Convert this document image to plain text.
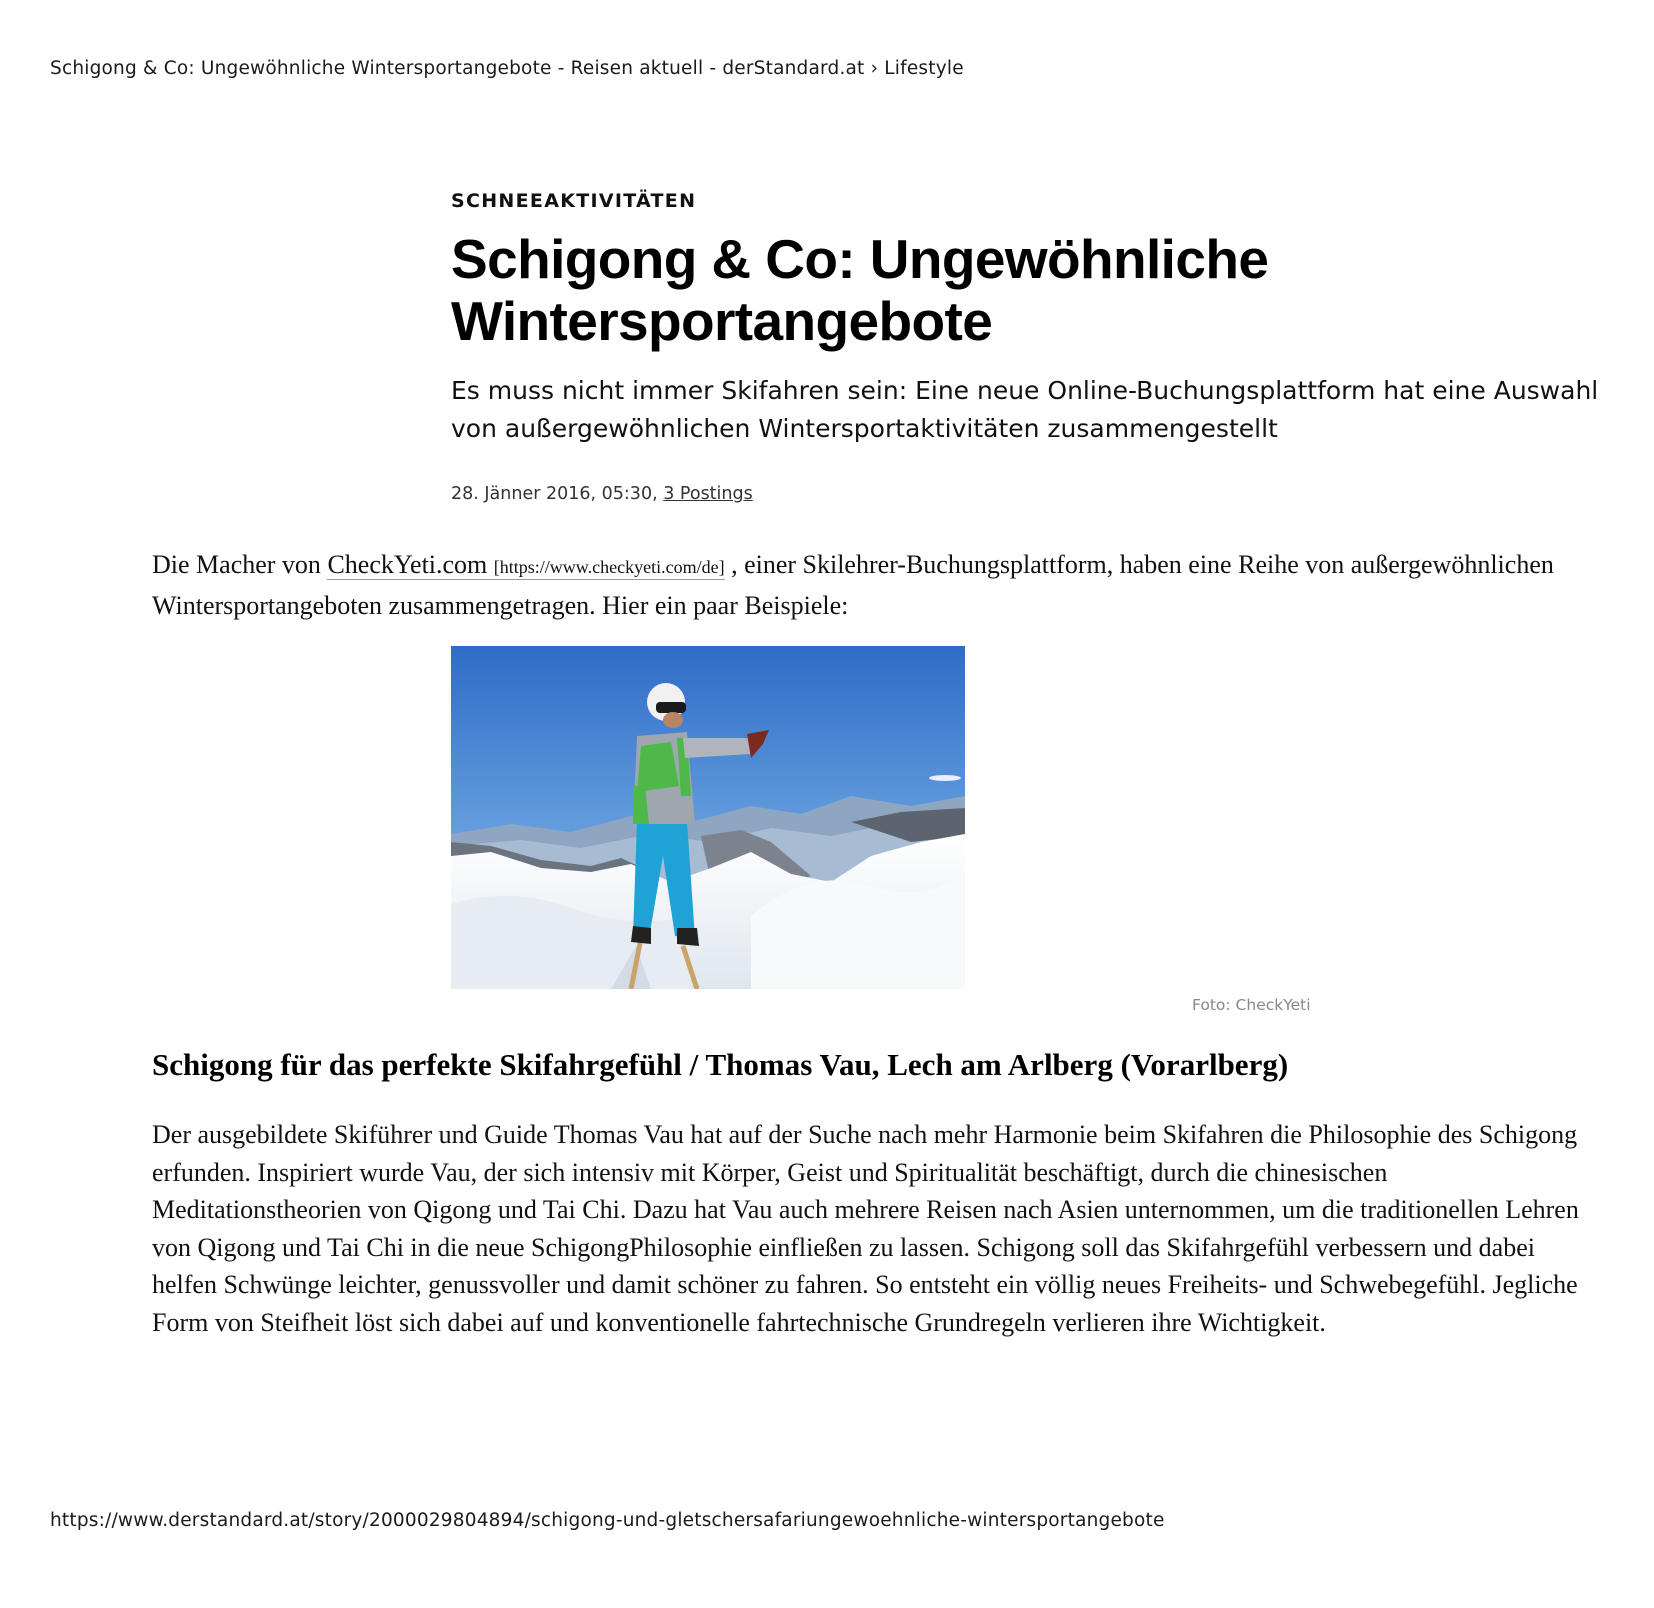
Schigong & Co: Ungewöhnliche Wintersportangebote - Reisen aktuell - derStandard.at › Lifestyle
SCHNEEAKTIVITÄTEN
Schigong & Co: Ungewöhnliche
Wintersportangebote

Es muss nicht immer Skifahren sein: Eine neue Online-Buchungsplattform hat eine Auswahl von außergewöhnlichen Wintersportaktivitäten zusammengestellt

28. Jänner 2016, 05:30, 3 Postings

Die Macher von CheckYeti.com [https://www.checkyeti.com/de] , einer Skilehrer-Buchungsplattform, haben eine Reihe von außergewöhnlichen Wintersportangeboten zusammengetragen. Hier ein paar Beispiele:

Foto: CheckYeti
Schigong für das perfekte Skifahrgefühl / Thomas Vau, Lech am Arlberg (Vorarlberg)

Der ausgebildete Skiführer und Guide Thomas Vau hat auf der Suche nach mehr Harmonie beim Skifahren die Philosophie des Schigong erfunden. Inspiriert wurde Vau, der sich intensiv mit Körper, Geist und Spiritualität beschäftigt, durch die chinesischen Meditationstheorien von Qigong und Tai Chi. Dazu hat Vau auch mehrere Reisen nach Asien unternommen, um die traditionellen Lehren von Qigong und Tai Chi in die neue SchigongPhilosophie einfließen zu lassen. Schigong soll das Skifahrgefühl verbessern und dabei helfen Schwünge leichter, genussvoller und damit schöner zu fahren. So entsteht ein völlig neues Freiheits- und Schwebegefühl. Jegliche Form von Steifheit löst sich dabei auf und konventionelle fahrtechnische Grundregeln verlieren ihre Wichtigkeit.

https://www.derstandard.at/story/2000029804894/schigong-und-gletschersafariungewoehnliche-wintersportangebote
